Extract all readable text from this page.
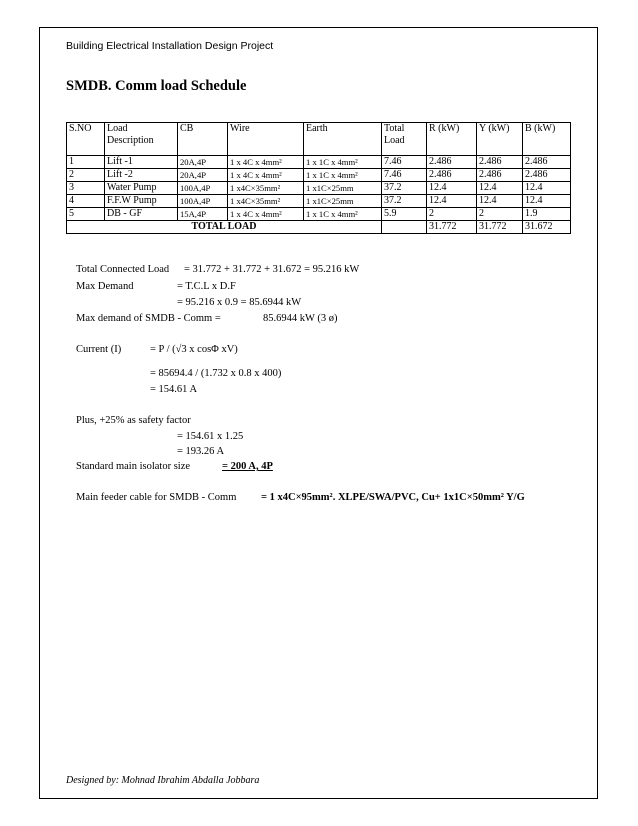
Building Electrical Installation Design Project
SMDB. Comm load Schedule
S.NO	Load Description	CB	Wire	Earth	Total Load	R (kW)	Y (kW)	B (kW)
1	Lift -1	20A,4P	1 x 4C x 4mm²	1 x 1C x 4mm²	7.46	2.486	2.486	2.486
2	Lift -2	20A,4P	1 x 4C x 4mm²	1 x 1C x 4mm²	7.46	2.486	2.486	2.486
3	Water Pump	100A,4P	1 x4C×35mm²	1 x1C×25mm	37.2	12.4	12.4	12.4
4	F.F.W Pump	100A,4P	1 x4C×35mm²	1 x1C×25mm	37.2	12.4	12.4	12.4
5	DB - GF	15A,4P	1 x 4C x 4mm²	1 x 1C x 4mm²	5.9	2	2	1.9
TOTAL LOAD						31.772	31.772	31.672
Total Connected Load = 31.772 + 31.772 + 31.672 = 95.216 kW
Max Demand	= T.C.L x D.F
= 95.216 x 0.9 = 85.6944 kW
Max demand of SMDB - Comm =	85.6944 kW (3 ø)
Current (I)	= P / (√3 x cosΦ xV)
= 85694.4 / (1.732 x 0.8 x 400)
= 154.61 A
Plus, +25% as safety factor
= 154.61 x 1.25
= 193.26 A
Standard main isolator size	= 200 A, 4P
Main feeder cable for SMDB - Comm = 1 x4C×95mm². XLPE/SWA/PVC, Cu+ 1x1C×50mm² Y/G
Designed by: Mohnad Ibrahim Abdalla Jobbara
